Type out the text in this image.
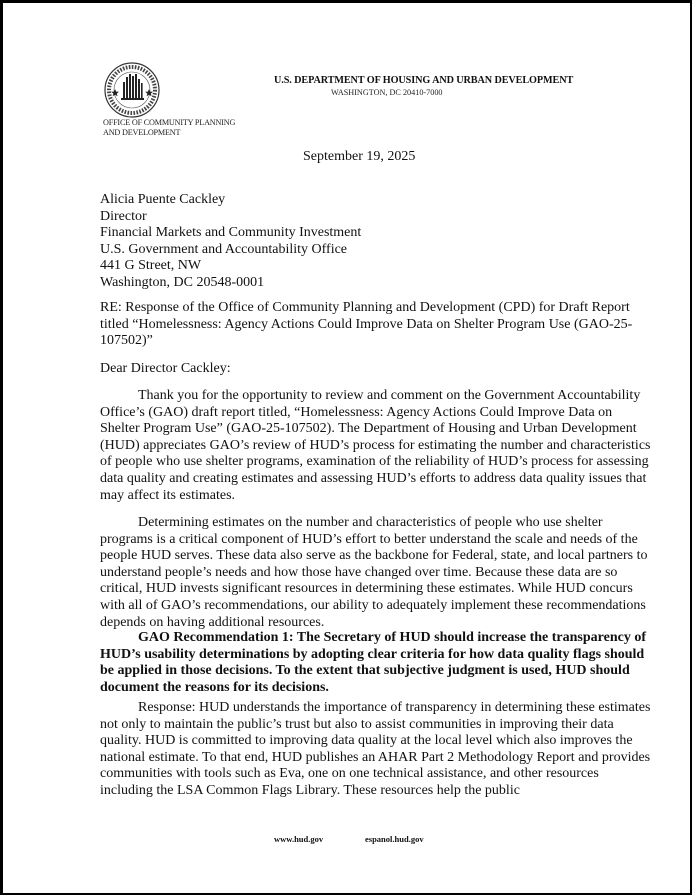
OFFICE OF COMMUNITY PLANNING
AND DEVELOPMENT
U.S. DEPARTMENT OF HOUSING AND URBAN DEVELOPMENT
WASHINGTON, DC 20410-7000
September 19, 2025
Alicia Puente Cackley
Director
Financial Markets and Community Investment
U.S. Government and Accountability Office
441 G Street, NW
Washington, DC 20548-0001
RE: Response of the Office of Community Planning and Development (CPD) for Draft Report titled “Homelessness: Agency Actions Could Improve Data on Shelter Program Use (GAO-25-107502)”
Dear Director Cackley:

Thank you for the opportunity to review and comment on the Government Accountability Office’s (GAO) draft report titled, “Homelessness: Agency Actions Could Improve Data on Shelter Program Use” (GAO-25-107502). The Department of Housing and Urban Development (HUD) appreciates GAO’s review of HUD’s process for estimating the number and characteristics of people who use shelter programs, examination of the reliability of HUD’s process for assessing data quality and creating estimates and assessing HUD’s efforts to address data quality issues that may affect its estimates.

Determining estimates on the number and characteristics of people who use shelter programs is a critical component of HUD’s effort to better understand the scale and needs of the people HUD serves. These data also serve as the backbone for Federal, state, and local partners to understand people’s needs and how those have changed over time. Because these data are so critical, HUD invests significant resources in determining these estimates. While HUD concurs with all of GAO’s recommendations, our ability to adequately implement these recommendations depends on having additional resources.

GAO Recommendation 1: The Secretary of HUD should increase the transparency of HUD’s usability determinations by adopting clear criteria for how data quality flags should be applied in those decisions. To the extent that subjective judgment is used, HUD should document the reasons for its decisions.

Response: HUD understands the importance of transparency in determining these estimates not only to maintain the public’s trust but also to assist communities in improving their data quality. HUD is committed to improving data quality at the local level which also improves the national estimate. To that end, HUD publishes an AHAR Part 2 Methodology Report and provides communities with tools such as Eva, one on one technical assistance, and other resources including the LSA Common Flags Library. These resources help the public

www.hud.gov	espanol.hud.gov
